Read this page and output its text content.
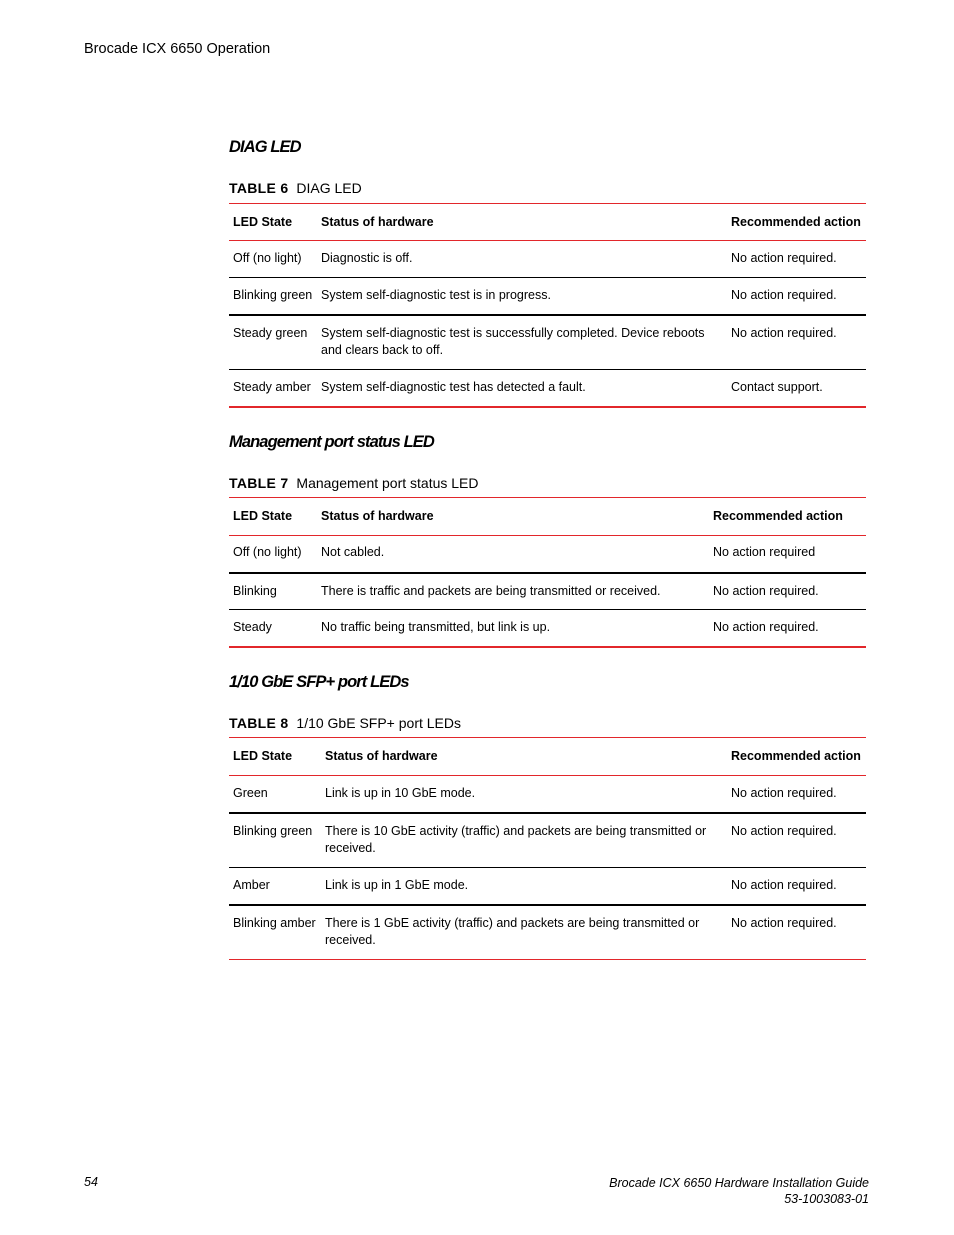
Brocade ICX 6650 Operation
DIAG LED
TABLE 6 DIAG LED
LED State	Status of hardware	Recommended action
Off (no light)	Diagnostic is off.	No action required.
Blinking green	System self-diagnostic test is in progress.	No action required.
Steady green	System self-diagnostic test is successfully completed. Device reboots and clears back to off.	No action required.
Steady amber	System self-diagnostic test has detected a fault.	Contact support.
Management port status LED
TABLE 7 Management port status LED
LED State	Status of hardware	Recommended action
Off (no light)	Not cabled.	No action required
Blinking	There is traffic and packets are being transmitted or received.	No action required.
Steady	No traffic being transmitted, but link is up.	No action required.
1/10 GbE SFP+ port LEDs
TABLE 8 1/10 GbE SFP+ port LEDs
LED State	Status of hardware	Recommended action
Green	Link is up in 10 GbE mode.	No action required.
Blinking green	There is 10 GbE activity (traffic) and packets are being transmitted or received.	No action required.
Amber	Link is up in 1 GbE mode.	No action required.
Blinking amber	There is 1 GbE activity (traffic) and packets are being transmitted or received.	No action required.
54	Brocade ICX 6650 Hardware Installation Guide
53-1003083-01
